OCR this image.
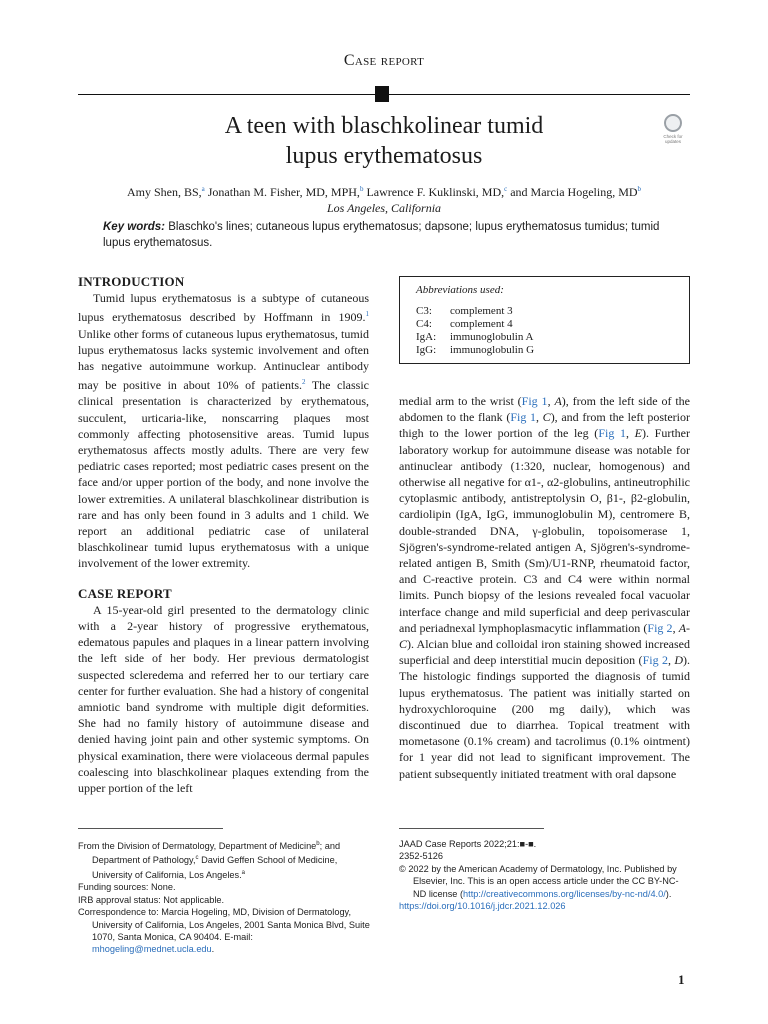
Case report
A teen with blaschkolinear tumid
lupus erythematosus
Check for updates
Amy Shen, BS,$^a$ Jonathan M. Fisher, MD, MPH,$^b$ Lawrence F. Kuklinski, MD,$^c$ and Marcia Hogeling, $MD^b$
Los Angeles, California
Key words: Blaschko's lines; cutaneous lupus erythematosus; dapsone; lupus erythematosus tumidus; tumid lupus erythematosus.
INTRODUCTION

Tumid lupus erythematosus is a subtype of cutaneous lupus erythematosus described by Hoffmann in 1909.$^1$ Unlike other forms of cutaneous lupus erythematosus, tumid lupus erythematosus lacks systemic involvement and often has negative autoimmune workup. Antinuclear antibody may be positive in about 10% of patients.$^2$ The classic clinical presentation is characterized by erythematous, succulent, urticaria-like, nonscarring plaques most commonly affecting photosensitive areas. Tumid lupus erythematosus affects mostly adults. There are very few pediatric cases reported; most pediatric cases present on the face and/or upper portion of the body, and none involve the lower extremities. A unilateral blaschkolinear distribution is rare and has only been found in 3 adults and 1 child. We report an additional pediatric case of unilateral blaschkolinear tumid lupus erythematosus with a unique involvement of the lower extremity.

CASE REPORT

A 15-year-old girl presented to the dermatology clinic with a 2-year history of progressive erythematous, edematous papules and plaques in a linear pattern involving the left side of her body. Her previous dermatologist suspected scleredema and referred her to our tertiary care center for further evaluation. She had a history of congenital amniotic band syndrome with multiple digit deformities. She had no family history of autoimmune disease and denied having joint pain and other systemic symptoms. On physical examination, there were violaceous dermal papules coalescing into blaschkolinear plaques extending from the upper portion of the left

Abbreviations used:
C3:	complement 3
C4:	complement 4
IgA:	immunoglobulin A
IgG:	immunoglobulin G

medial arm to the wrist (Fig 1, A), from the left side of the abdomen to the flank (Fig 1, C), and from the left posterior thigh to the lower portion of the leg (Fig 1, E). Further laboratory workup for autoimmune disease was notable for antinuclear antibody (1:320, nuclear, homogenous) and otherwise all negative for α1-, α2-globulins, antineutrophilic cytoplasmic antibody, antistreptolysin O, β1-, β2-globulin, cardiolipin (IgA, IgG, immunoglobulin M), centromere B, double-stranded DNA, γ-globulin, topoisomerase 1, Sjögren's-syndrome-related antigen A, Sjögren's-syndrome-related antigen B, Smith (Sm)/U1-RNP, rheumatoid factor, and C-reactive protein. C3 and C4 were within normal limits. Punch biopsy of the lesions revealed focal vacuolar interface change and mild superficial and deep perivascular and periadnexal lymphoplasmacytic inflammation (Fig 2, A-C). Alcian blue and colloidal iron staining showed increased superficial and deep interstitial mucin deposition (Fig 2, D). The histologic findings supported the diagnosis of tumid lupus erythematosus. The patient was initially started on hydroxychloroquine (200 mg daily), which was discontinued due to diarrhea. Topical treatment with mometasone (0.1% cream) and tacrolimus (0.1% ointment) for 1 year did not lead to significant improvement. The patient subsequently initiated treatment with oral dapsone

From the Division of Dermatology, Department of Medicine$^b$; and Department of Pathology,$^c$ David Geffen School of Medicine, University of California, Los Angeles.$^a$

Funding sources: None.

IRB approval status: Not applicable.

Correspondence to: Marcia Hogeling, MD, Division of Dermatology, University of California, Los Angeles, 2001 Santa Monica Blvd, Suite 1070, Santa Monica, CA 90404. E-mail: mhogeling@mednet.ucla.edu.

JAAD Case Reports 2022;21:■-■.

2352-5126

© 2022 by the American Academy of Dermatology, Inc. Published by Elsevier, Inc. This is an open access article under the CC BY-NC-ND license (http://creativecommons.org/licenses/by-nc-nd/4.0/).

https://doi.org/10.1016/j.jdcr.2021.12.026

1
